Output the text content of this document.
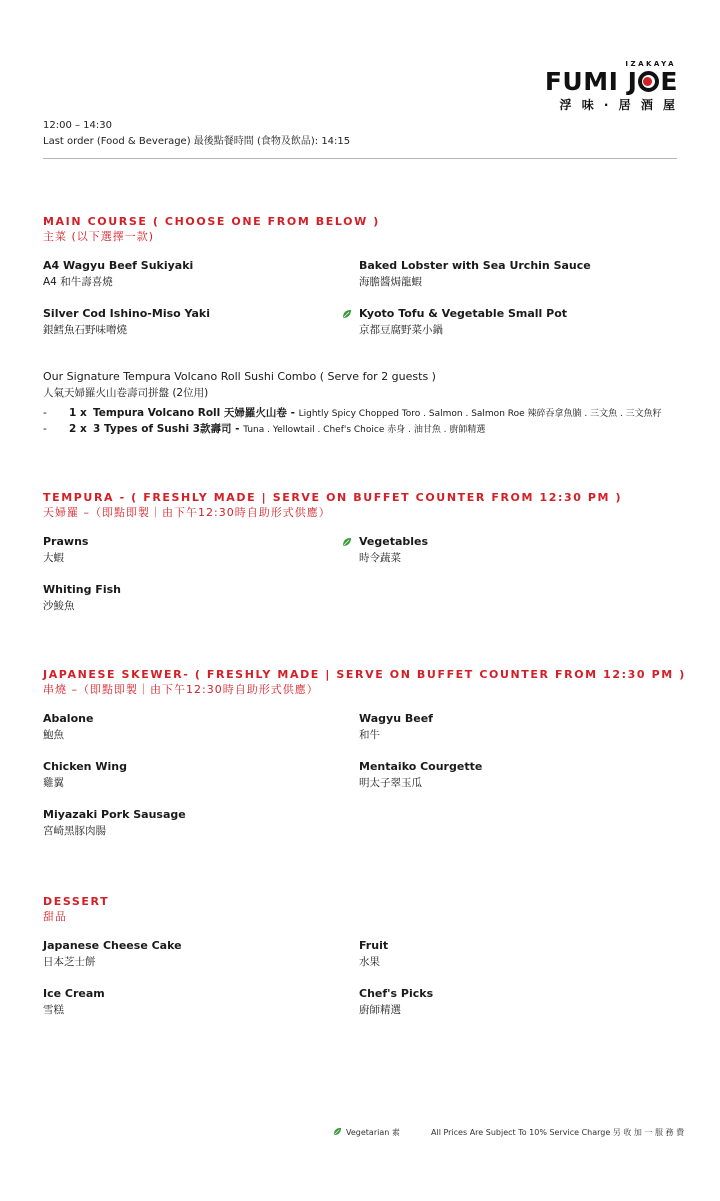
IZAKAYA
FUMI J E
浮 味 · 居 酒 屋
12:00 – 14:30
Last order (Food & Beverage) 最後點餐時間 (食物及飲品): 14:15
MAIN COURSE ( CHOOSE ONE FROM BELOW )
主菜 (以下選擇一款)
A4 Wagyu Beef Sukiyaki
A4 和牛壽喜燒
Baked Lobster with Sea Urchin Sauce
海膽醬焗龍蝦
Silver Cod Ishino-Miso Yaki
銀鱈魚石野味噌燒
Kyoto Tofu & Vegetable Small Pot
京都豆腐野菜小鍋
Our Signature Tempura Volcano Roll Sushi Combo ( Serve for 2 guests )
人氣天婦羅火山卷壽司拼盤 (2位用)
- 1 x Tempura Volcano Roll 天婦羅火山卷 - Lightly Spicy Chopped Toro . Salmon . Salmon Roe 辣碎吞拿魚腩 . 三文魚 . 三文魚籽
- 2 x 3 Types of Sushi 3款壽司 - Tuna . Yellowtail . Chef's Choice 赤身 . 油甘魚 . 廚師精選
TEMPURA - ( FRESHLY MADE | SERVE ON BUFFET COUNTER FROM 12:30 PM )
天婦羅 –（即點即製｜由下午12:30時自助形式供應）
Prawns
大蝦
Vegetables
時令蔬菜
Whiting Fish
沙鮻魚
JAPANESE SKEWER- ( FRESHLY MADE | SERVE ON BUFFET COUNTER FROM 12:30 PM )
串燒 –（即點即製｜由下午12:30時自助形式供應）
Abalone
鮑魚
Wagyu Beef
和牛
Chicken Wing
雞翼
Mentaiko Courgette
明太子翠玉瓜
Miyazaki Pork Sausage
宮崎黑豚肉腸
DESSERT
甜品
Japanese Cheese Cake
日本芝士餅
Fruit
水果
Ice Cream
雪糕
Chef's Picks
廚師精選
Vegetarian 素	All Prices Are Subject To 10% Service Charge 另 收 加 一 服 務 費
